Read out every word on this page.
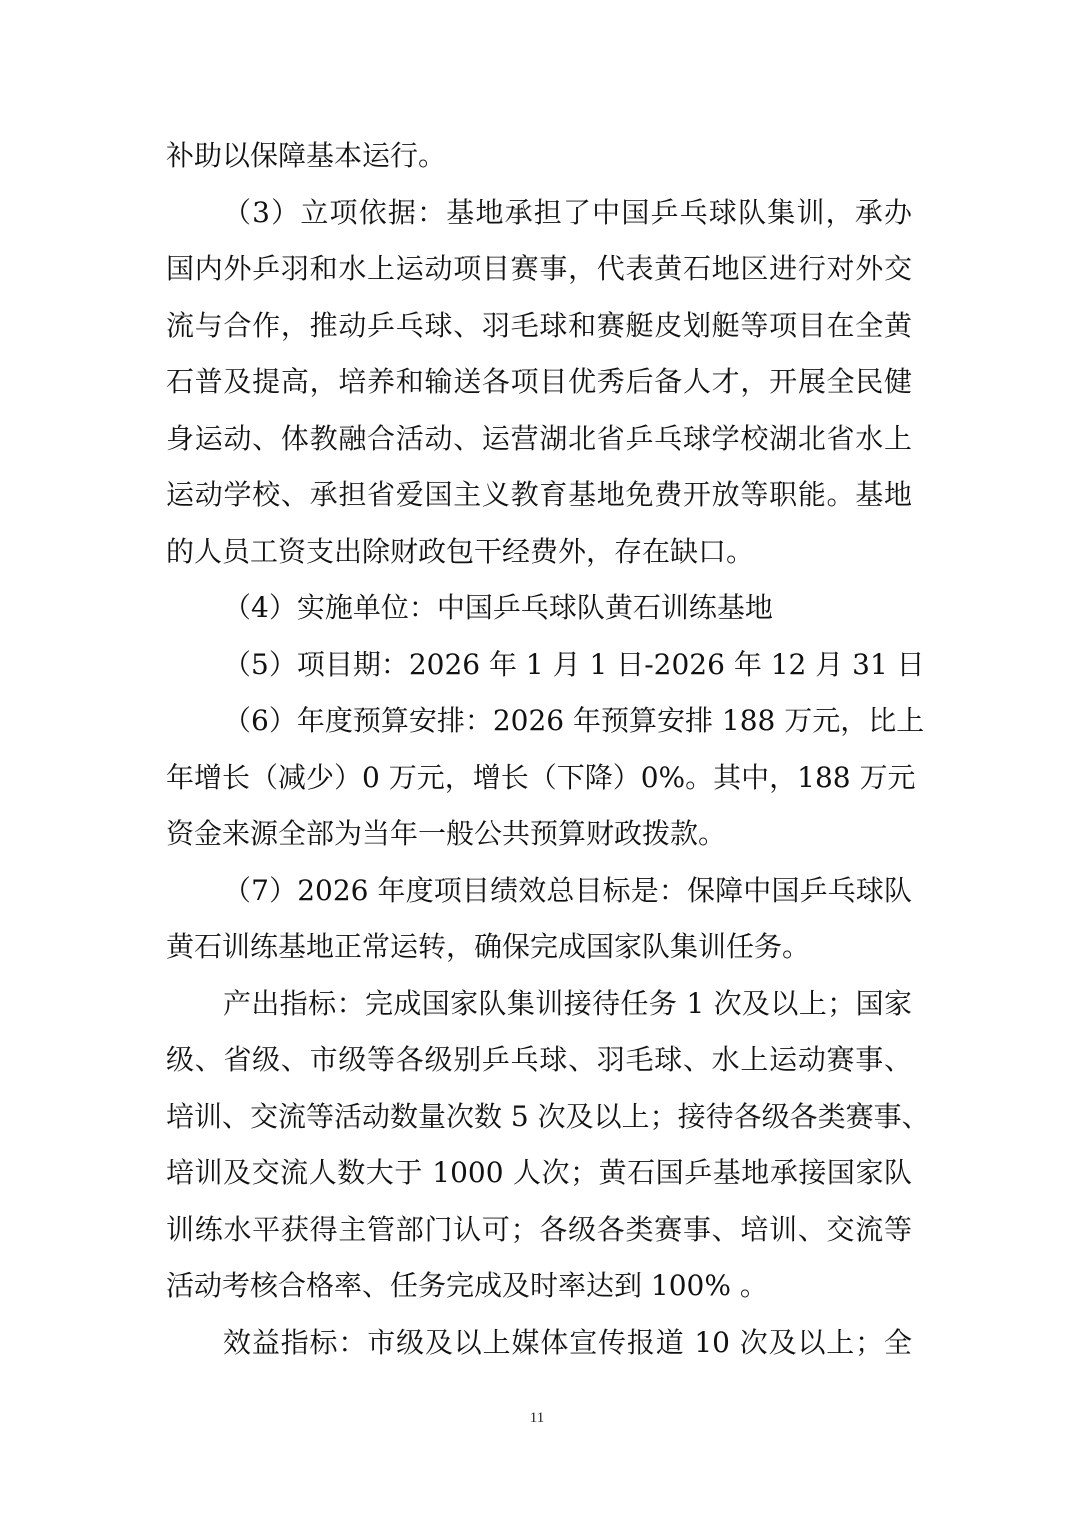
补助以保障基本运行。
（3）立项依据：基地承担了中国乒乓球队集训，承办
国内外乒羽和水上运动项目赛事，代表黄石地区进行对外交
流与合作，推动乒乓球、羽毛球和赛艇皮划艇等项目在全黄
石普及提高，培养和输送各项目优秀后备人才，开展全民健
身运动、体教融合活动、运营湖北省乒乓球学校湖北省水上
运动学校、承担省爱国主义教育基地免费开放等职能。基地
的人员工资支出除财政包干经费外，存在缺口。
（4）实施单位：中国乒乓球队黄石训练基地
（5）项目期：2026 年 1 月 1 日-2026 年 12 月 31 日
（6）年度预算安排：2026 年预算安排 188 万元，比上
年增长（减少）0 万元，增长（下降）0%。其中，188 万元
资金来源全部为当年一般公共预算财政拨款。
（7）2026 年度项目绩效总目标是：保障中国乒乓球队
黄石训练基地正常运转，确保完成国家队集训任务。
产出指标：完成国家队集训接待任务 1 次及以上；国家
级、省级、市级等各级别乒乓球、羽毛球、水上运动赛事、
培训、交流等活动数量次数 5 次及以上；接待各级各类赛事、
培训及交流人数大于 1000 人次；黄石国乒基地承接国家队
训练水平获得主管部门认可；各级各类赛事、培训、交流等
活动考核合格率、任务完成及时率达到 100% 。
效益指标：市级及以上媒体宣传报道 10 次及以上；全
11
